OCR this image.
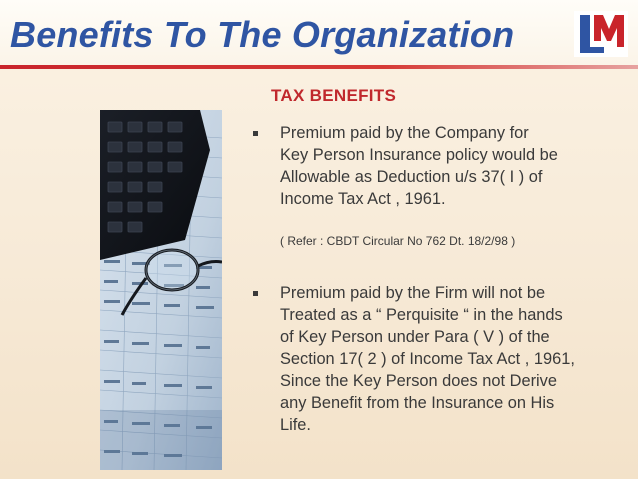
Benefits To The Organization
TAX BENEFITS

Premium paid by the Company for
Key Person Insurance policy would be
Allowable as Deduction u/s 37( I ) of
Income Tax Act , 1961.

( Refer : CBDT Circular No 762 Dt. 18/2/98 )

Premium paid by the Firm will not be
Treated as a “ Perquisite “ in the hands
of Key Person under Para ( V ) of the
Section 17( 2 ) of Income Tax Act , 1961,
Since the Key Person does not Derive
any Benefit from the Insurance on His
Life.
